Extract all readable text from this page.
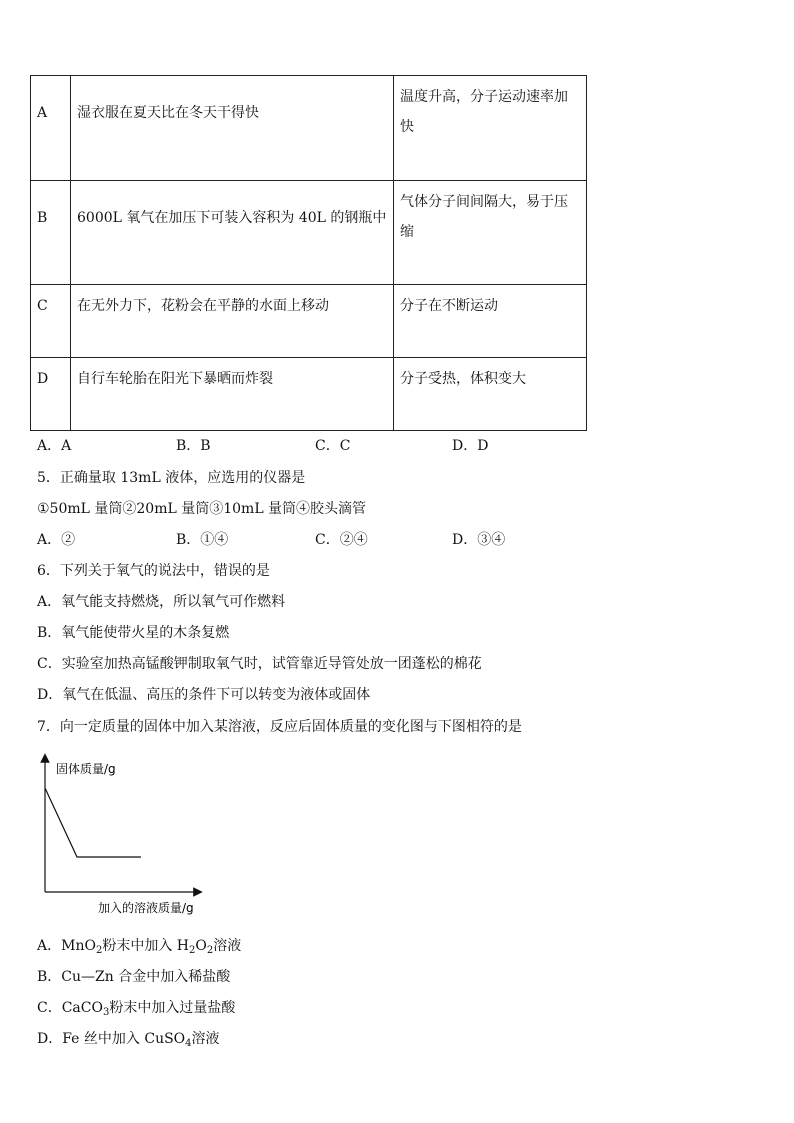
A	湿衣服在夏天比在冬天干得快	温度升高，分子运动速率加快

B	6000L 氧气在加压下可装入容积为 40L 的钢瓶中	气体分子间间隔大，易于压缩

C	在无外力下，花粉会在平静的水面上移动	分子在不断运动

D	自行车轮胎在阳光下暴晒而炸裂	分子受热，体积变大
A．A	B．B	C．C	D．D
5．正确量取 13mL 液体，应选用的仪器是
①50mL 量筒②20mL 量筒③10mL 量筒④胶头滴管
A．②	B．①④	C．②④	D．③④
6．下列关于氧气的说法中，错误的是
A．氧气能支持燃烧，所以氧气可作燃料
B．氧气能使带火星的木条复燃
C．实验室加热高锰酸钾制取氧气时，试管靠近导管处放一团蓬松的棉花
D．氧气在低温、高压的条件下可以转变为液体或固体
7．向一定质量的固体中加入某溶液，反应后固体质量的变化图与下图相符的是
固体质量/g
加入的溶液质量/g
A．MnO$_2$粉末中加入 $H_2O_2$溶液
B．Cu—Zn 合金中加入稀盐酸
C．CaCO$_3$粉末中加入过量盐酸
D．Fe 丝中加入 CuSO$_4$溶液
